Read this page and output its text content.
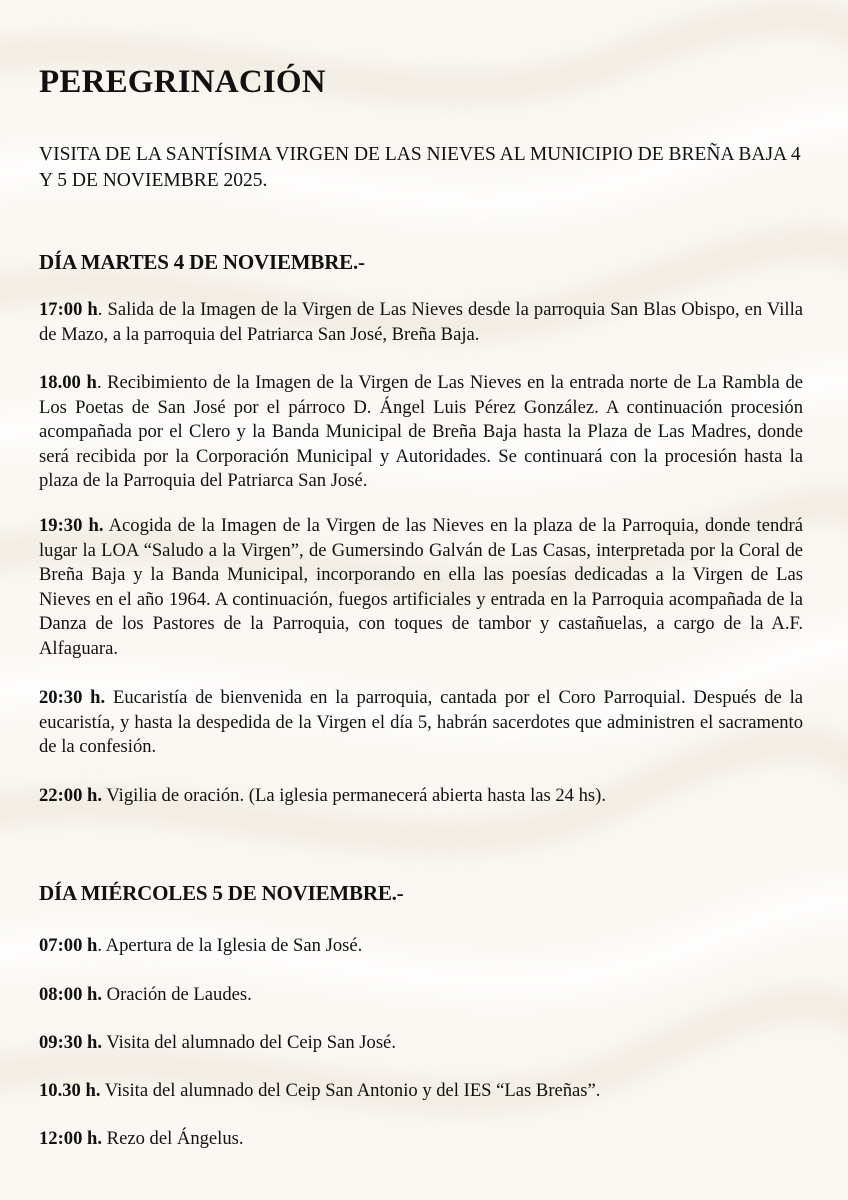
PEREGRINACIÓN

VISITA DE LA SANTÍSIMA VIRGEN DE LAS NIEVES AL MUNICIPIO DE BREÑA BAJA 4 Y 5 DE NOVIEMBRE 2025.

DÍA MARTES 4 DE NOVIEMBRE.-

17:00 h. Salida de la Imagen de la Virgen de Las Nieves desde la parroquia San Blas Obispo, en Villa de Mazo, a la parroquia del Patriarca San José, Breña Baja.

18.00 h. Recibimiento de la Imagen de la Virgen de Las Nieves en la entrada norte de La Rambla de Los Poetas de San José por el párroco D. Ángel Luis Pérez González. A continuación procesión acompañada por el Clero y la Banda Municipal de Breña Baja hasta la Plaza de Las Madres, donde será recibida por la Corporación Municipal y Autoridades. Se continuará con la procesión hasta la plaza de la Parroquia del Patriarca San José.

19:30 h. Acogida de la Imagen de la Virgen de las Nieves en la plaza de la Parroquia, donde tendrá lugar la LOA “Saludo a la Virgen”, de Gumersindo Galván de Las Casas, interpretada por la Coral de Breña Baja y la Banda Municipal, incorporando en ella las poesías dedicadas a la Virgen de Las Nieves en el año 1964. A continuación, fuegos artificiales y entrada en la Parroquia acompañada de la Danza de los Pastores de la Parroquia, con toques de tambor y castañuelas, a cargo de la A.F. Alfaguara.

20:30 h. Eucaristía de bienvenida en la parroquia, cantada por el Coro Parroquial. Después de la eucaristía, y hasta la despedida de la Virgen el día 5, habrán sacerdotes que administren el sacramento de la confesión.

22:00 h. Vigilia de oración. (La iglesia permanecerá abierta hasta las 24 hs).

DÍA MIÉRCOLES 5 DE NOVIEMBRE.-

07:00 h. Apertura de la Iglesia de San José.

08:00 h. Oración de Laudes.

09:30 h. Visita del alumnado del Ceip San José.

10.30 h. Visita del alumnado del Ceip San Antonio y del IES “Las Breñas”.

12:00 h. Rezo del Ángelus.
